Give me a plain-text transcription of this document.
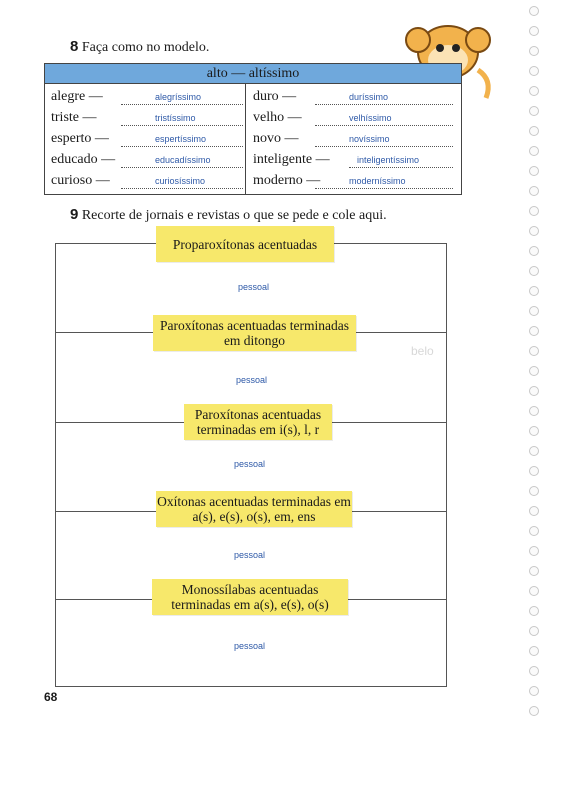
8 Faça como no modelo.
alto — altíssimo
alegre —	alegríssimo
triste —	tristíssimo
esperto —	espertíssimo
educado —	educadíssimo
curioso —	curiosíssimo
duro —	duríssimo
velho —	velhíssimo
novo —	novíssimo
inteligente —	inteligentíssimo
moderno —	moderníssimo
9 Recorte de jornais e revistas o que se pede e cole aqui.
belo
Proparoxítonas acentuadas
pessoal
Paroxítonas acentuadas terminadas em ditongo
pessoal
Paroxítonas acentuadas terminadas em i(s), l, r
pessoal
Oxítonas acentuadas terminadas em a(s), e(s), o(s), em, ens
pessoal
Monossílabas acentuadas terminadas em a(s), e(s), o(s)
pessoal
68
